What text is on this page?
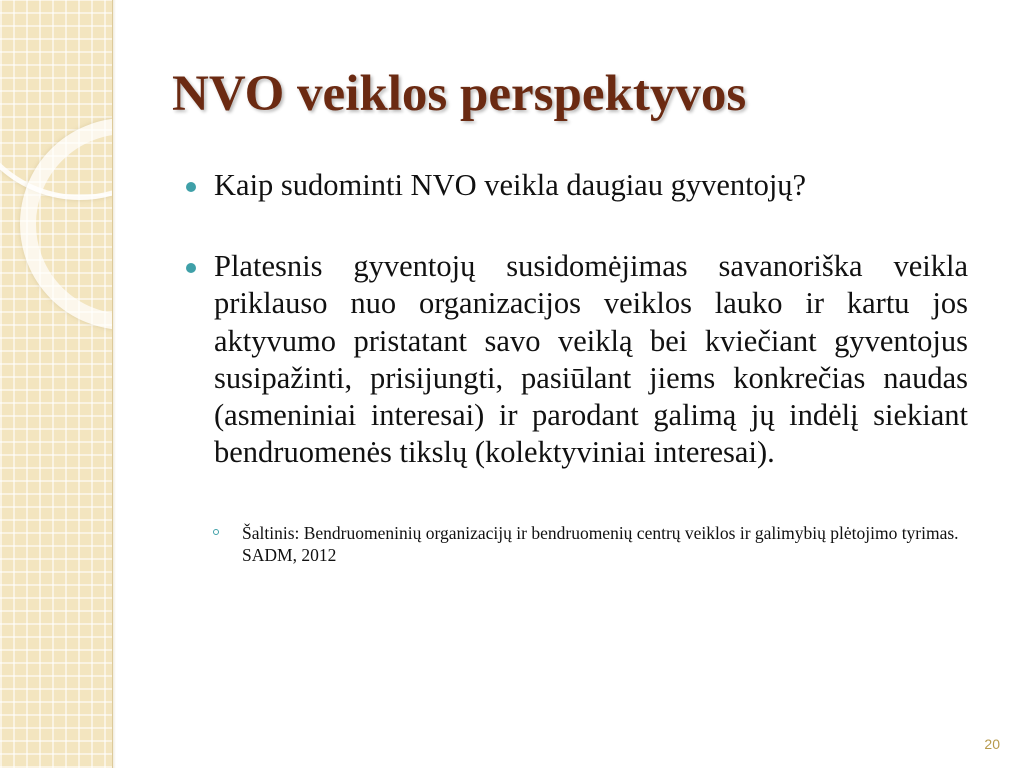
NVO veiklos perspektyvos
Kaip sudominti NVO veikla daugiau gyventojų?
Platesnis gyventojų susidomėjimas savanoriška veikla priklauso nuo organizacijos veiklos lauko ir kartu jos aktyvumo pristatant savo veiklą bei kviečiant gyventojus susipažinti, prisijungti, pasiūlant jiems konkrečias naudas (asmeniniai interesai) ir parodant galimą jų indėlį siekiant bendruomenės tikslų (kolektyviniai interesai).
Šaltinis: Bendruomeninių organizacijų ir bendruomenių centrų veiklos ir galimybių plėtojimo tyrimas. SADM, 2012
20
